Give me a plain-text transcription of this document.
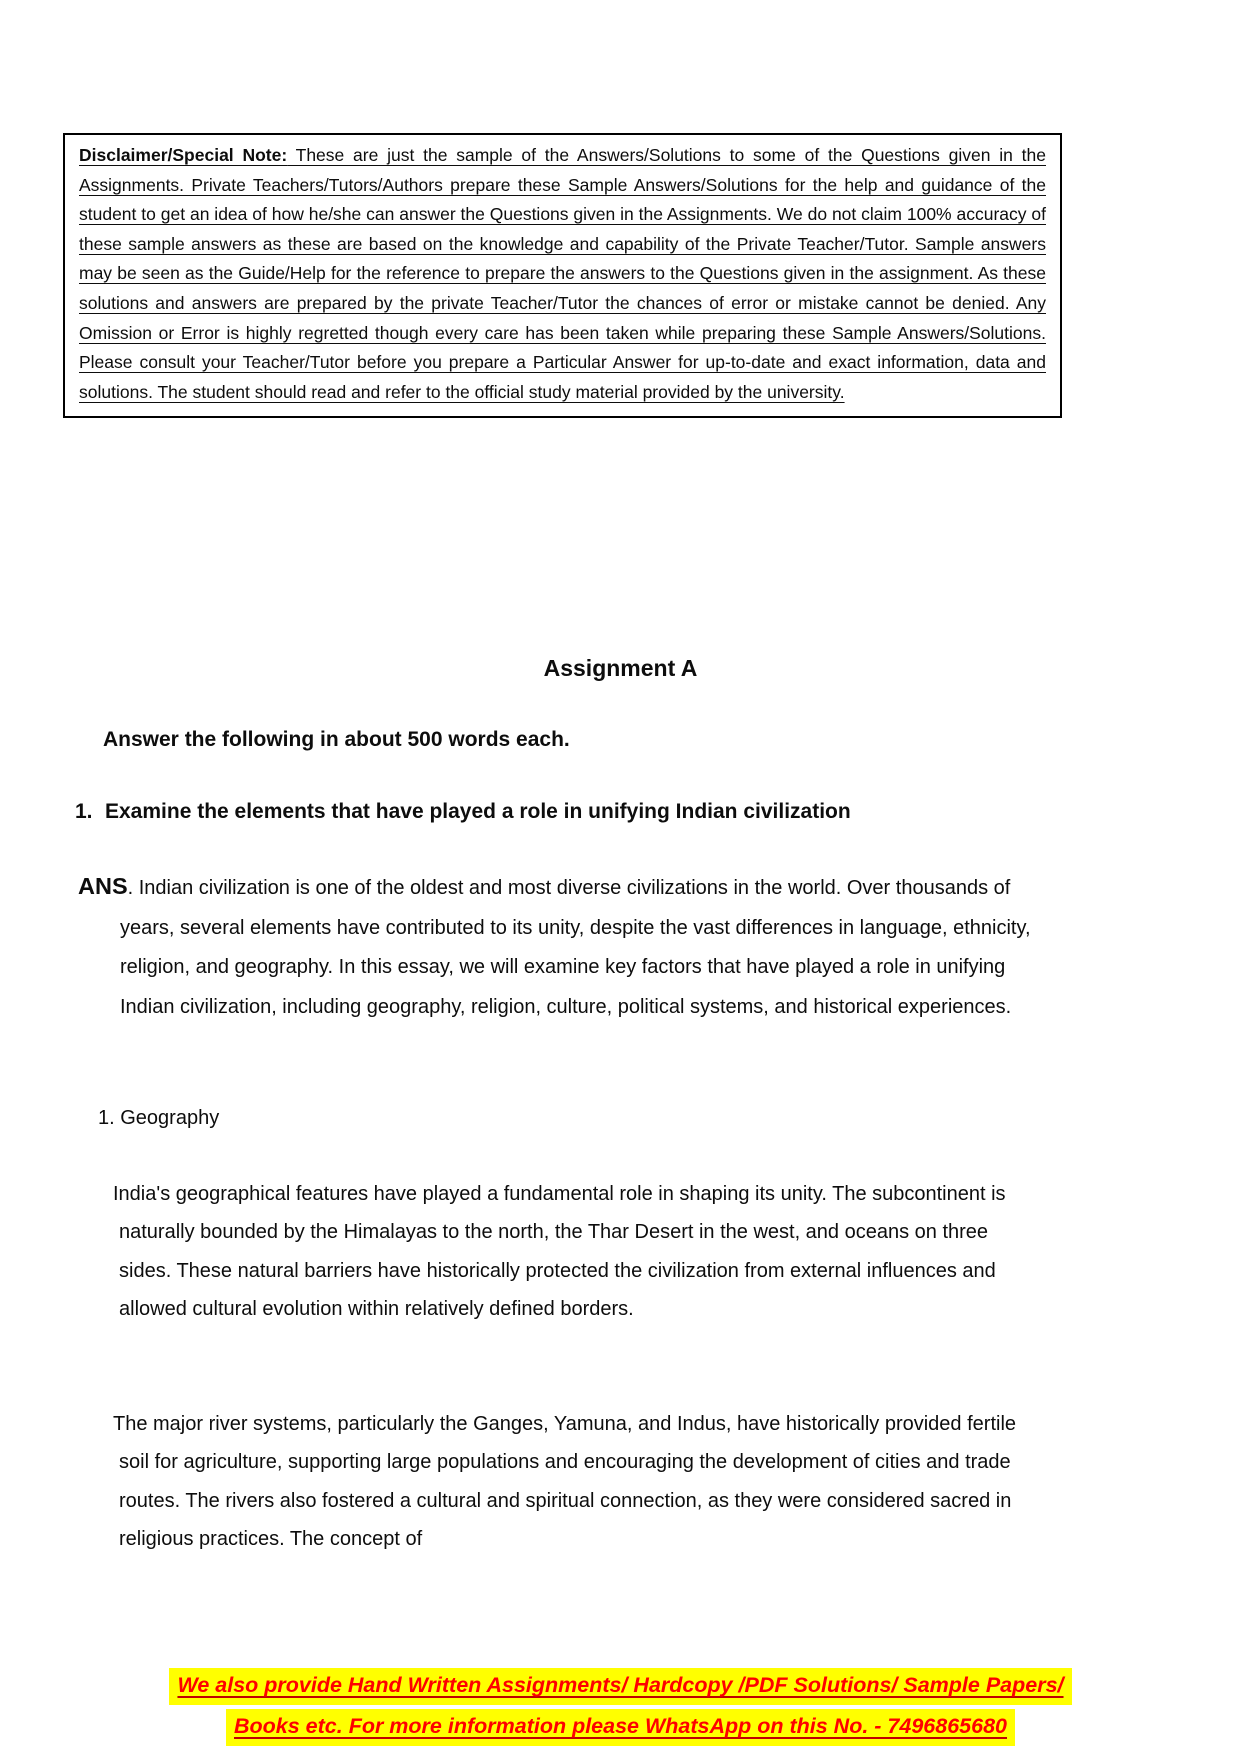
Disclaimer/Special Note: These are just the sample of the Answers/Solutions to some of the Questions given in the Assignments. Private Teachers/Tutors/Authors prepare these Sample Answers/Solutions for the help and guidance of the student to get an idea of how he/she can answer the Questions given in the Assignments. We do not claim 100% accuracy of these sample answers as these are based on the knowledge and capability of the Private Teacher/Tutor. Sample answers may be seen as the Guide/Help for the reference to prepare the answers to the Questions given in the assignment. As these solutions and answers are prepared by the private Teacher/Tutor the chances of error or mistake cannot be denied. Any Omission or Error is highly regretted though every care has been taken while preparing these Sample Answers/Solutions. Please consult your Teacher/Tutor before you prepare a Particular Answer for up-to-date and exact information, data and solutions. The student should read and refer to the official study material provided by the university.

Assignment A

Answer the following in about 500 words each.

1. Examine the elements that have played a role in unifying Indian civilization

ANS. Indian civilization is one of the oldest and most diverse civilizations in the world. Over thousands of years, several elements have contributed to its unity, despite the vast differences in language, ethnicity, religion, and geography. In this essay, we will examine key factors that have played a role in unifying Indian civilization, including geography, religion, culture, political systems, and historical experiences.

1. Geography

India's geographical features have played a fundamental role in shaping its unity. The subcontinent is naturally bounded by the Himalayas to the north, the Thar Desert in the west, and oceans on three sides. These natural barriers have historically protected the civilization from external influences and allowed cultural evolution within relatively defined borders.

The major river systems, particularly the Ganges, Yamuna, and Indus, have historically provided fertile soil for agriculture, supporting large populations and encouraging the development of cities and trade routes. The rivers also fostered a cultural and spiritual connection, as they were considered sacred in religious practices. The concept of

We also provide Hand Written Assignments/ Hardcopy /PDF Solutions/ Sample Papers/
Books etc. For more information please WhatsApp on this No. - 7496865680
